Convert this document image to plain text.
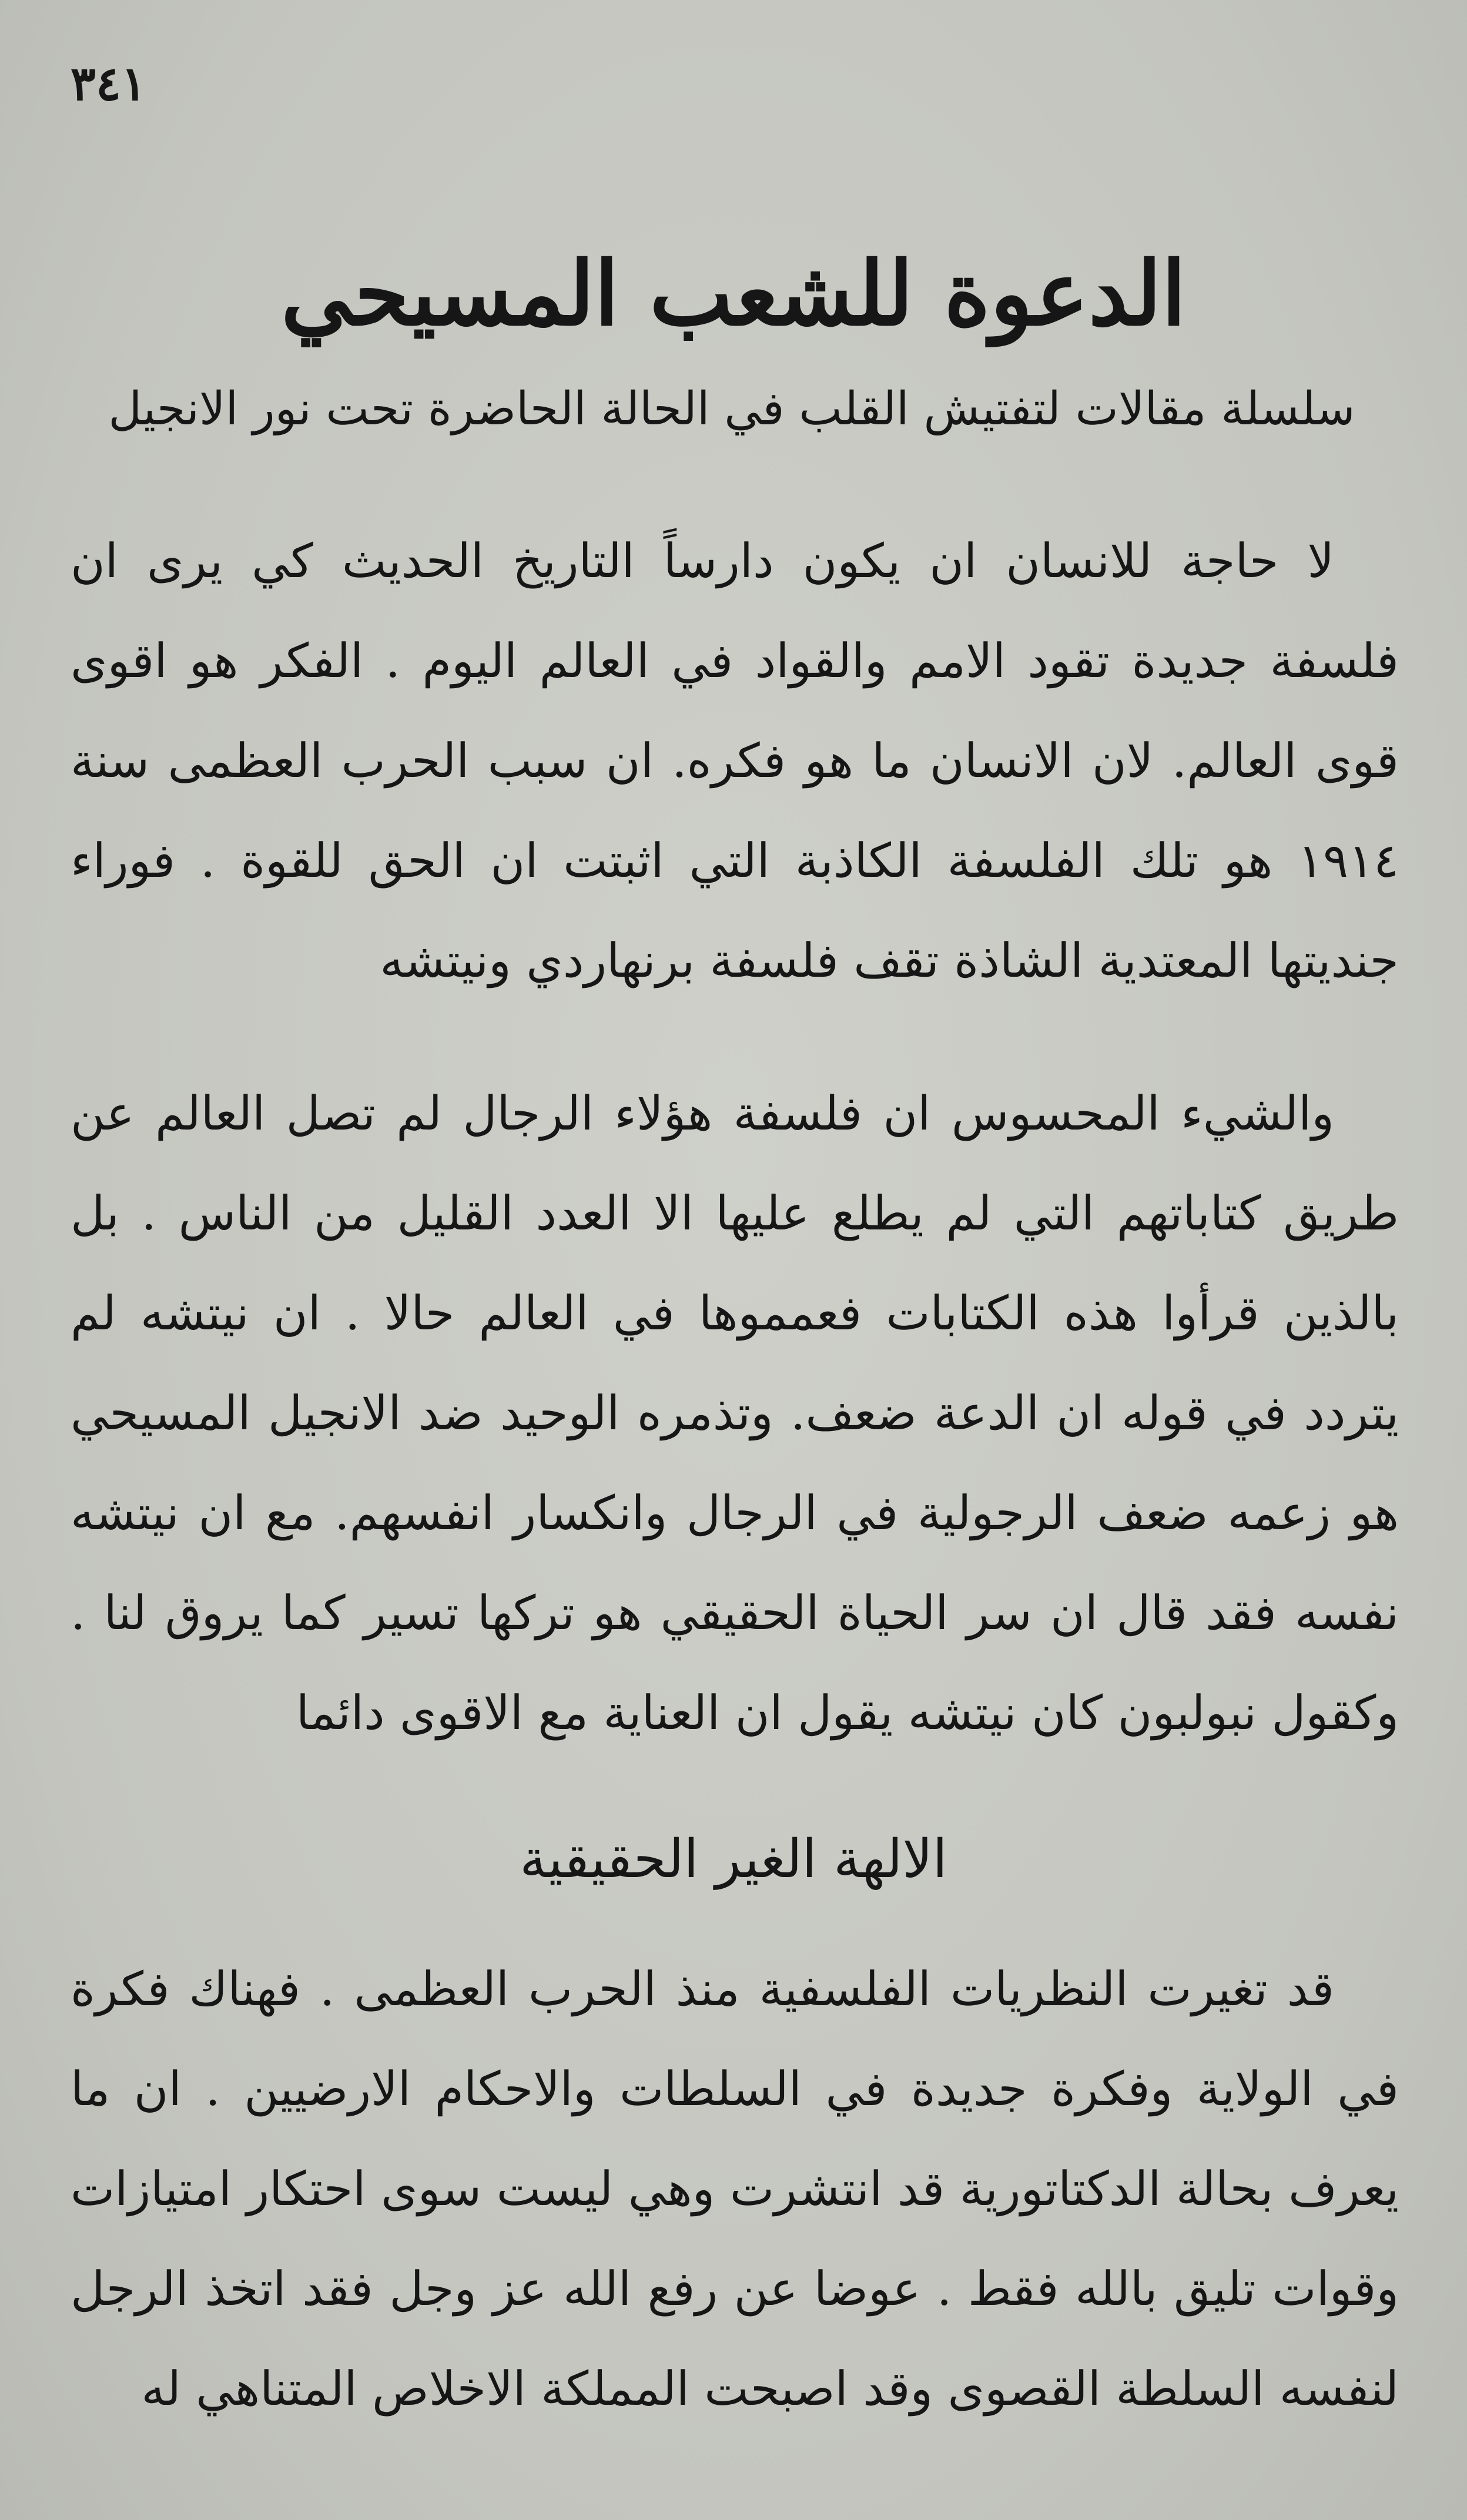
٣٤١
الدعوة للشعب المسيحي
سلسلة مقالات لتفتيش القلب في الحالة الحاضرة تحت نور الانجيل
لا حاجة للانسان ان يكون دارساً التاريخ الحديث كي يرى ان فلسفة جديدة تقود الامم والقواد في العالم اليوم . الفكر هو اقوى قوى العالم. لان الانسان ما هو فكره. ان سبب الحرب العظمى سنة ١٩١٤ هو تلك الفلسفة الكاذبة التي اثبتت ان الحق للقوة . فوراء جنديتها المعتدية الشاذة تقف فلسفة برنهاردي ونيتشه
والشيء المحسوس ان فلسفة هؤلاء الرجال لم تصل العالم عن طريق كتاباتهم التي لم يطلع عليها الا العدد القليل من الناس . بل بالذين قرأوا هذه الكتابات فعمموها في العالم حالا . ان نيتشه لم يتردد في قوله ان الدعة ضعف. وتذمره الوحيد ضد الانجيل المسيحي هو زعمه ضعف الرجولية في الرجال وانكسار انفسهم. مع ان نيتشه نفسه فقد قال ان سر الحياة الحقيقي هو تركها تسير كما يروق لنا . وكقول نبولبون كان نيتشه يقول ان العناية مع الاقوى دائما
الالهة الغير الحقيقية
قد تغيرت النظريات الفلسفية منذ الحرب العظمى . فهناك فكرة في الولاية وفكرة جديدة في السلطات والاحكام الارضيين . ان ما يعرف بحالة الدكتاتورية قد انتشرت وهي ليست سوى احتكار امتيازات وقوات تليق بالله فقط . عوضا عن رفع الله عز وجل فقد اتخذ الرجل لنفسه السلطة القصوى وقد اصبحت المملكة الاخلاص المتناهي له
